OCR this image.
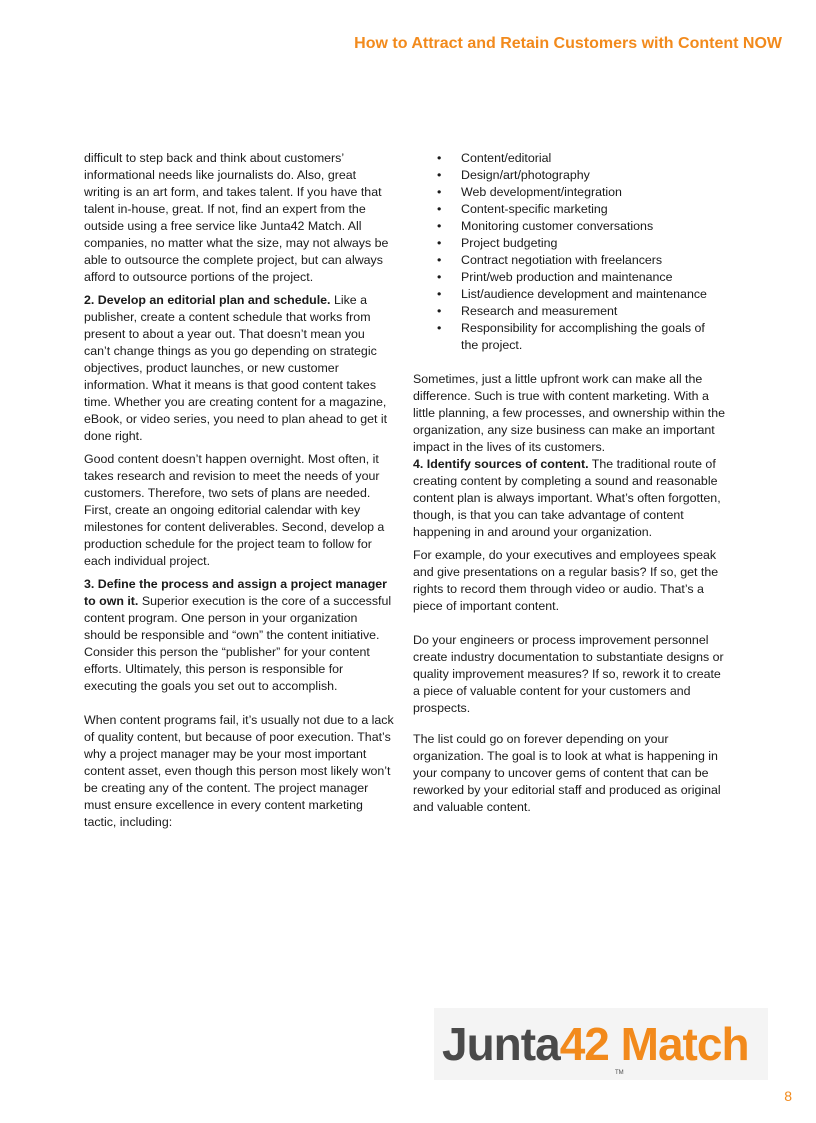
How to Attract and Retain Customers with Content NOW

difficult to step back and think about customers’ informational needs like journalists do. Also, great writing is an art form, and takes talent. If you have that talent in-house, great. If not, find an expert from the outside using a free service like Junta42 Match. All companies, no matter what the size, may not always be able to outsource the complete project, but can always afford to outsource portions of the project.

2. Develop an editorial plan and schedule. Like a publisher, create a content schedule that works from present to about a year out. That doesn’t mean you can’t change things as you go depending on strategic objectives, product launches, or new customer information. What it means is that good content takes time. Whether you are creating content for a magazine, eBook, or video series, you need to plan ahead to get it done right.

Good content doesn’t happen overnight. Most often, it takes research and revision to meet the needs of your customers. Therefore, two sets of plans are needed. First, create an ongoing editorial calendar with key milestones for content deliverables. Second, develop a production schedule for the project team to follow for each individual project.

3. Define the process and assign a project manager to own it. Superior execution is the core of a successful content program. One person in your organization should be responsible and “own” the content initiative. Consider this person the “publisher” for your content efforts. Ultimately, this person is responsible for executing the goals you set out to accomplish.

When content programs fail, it’s usually not due to a lack of quality content, but because of poor execution. That’s why a project manager may be your most important content asset, even though this person most likely won’t be creating any of the content. The project manager must ensure excellence in every content marketing tactic, including:

• Content/editorial
• Design/art/photography
• Web development/integration
• Content-specific marketing
• Monitoring customer conversations
• Project budgeting
• Contract negotiation with freelancers
• Print/web production and maintenance
• List/audience development and maintenance
• Research and measurement
• Responsibility for accomplishing the goals of the project.

Sometimes, just a little upfront work can make all the difference. Such is true with content marketing. With a little planning, a few processes, and ownership within the organization, any size business can make an important impact in the lives of its customers.

4. Identify sources of content. The traditional route of creating content by completing a sound and reasonable content plan is always important. What’s often forgotten, though, is that you can take advantage of content happening in and around your organization.

For example, do your executives and employees speak and give presentations on a regular basis? If so, get the rights to record them through video or audio. That’s a piece of important content.

Do your engineers or process improvement personnel create industry documentation to substantiate designs or quality improvement measures? If so, rework it to create a piece of valuable content for your customers and prospects.

The list could go on forever depending on your organization. The goal is to look at what is happening in your company to uncover gems of content that can be reworked by your editorial staff and produced as original and valuable content.

Junta42 Match
TM
8
